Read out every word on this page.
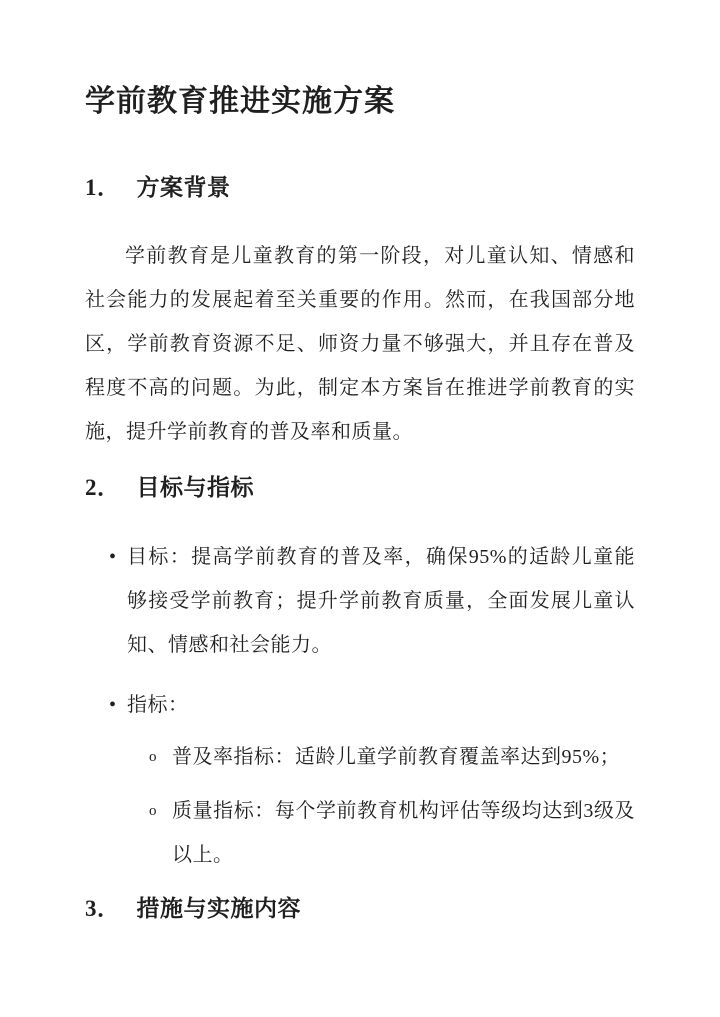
学前教育推进实施方案
1． 方案背景

学前教育是儿童教育的第一阶段，对儿童认知、情感和社会能力的发展起着至关重要的作用。然而，在我国部分地区，学前教育资源不足、师资力量不够强大，并且存在普及程度不高的问题。为此，制定本方案旨在推进学前教育的实施，提升学前教育的普及率和质量。

2． 目标与指标
• 目标：提高学前教育的普及率，确保95%的适龄儿童能够接受学前教育；提升学前教育质量，全面发展儿童认知、情感和社会能力。
• 指标：
o 普及率指标：适龄儿童学前教育覆盖率达到95%；
o 质量指标：每个学前教育机构评估等级均达到3级及以上。
3． 措施与实施内容
